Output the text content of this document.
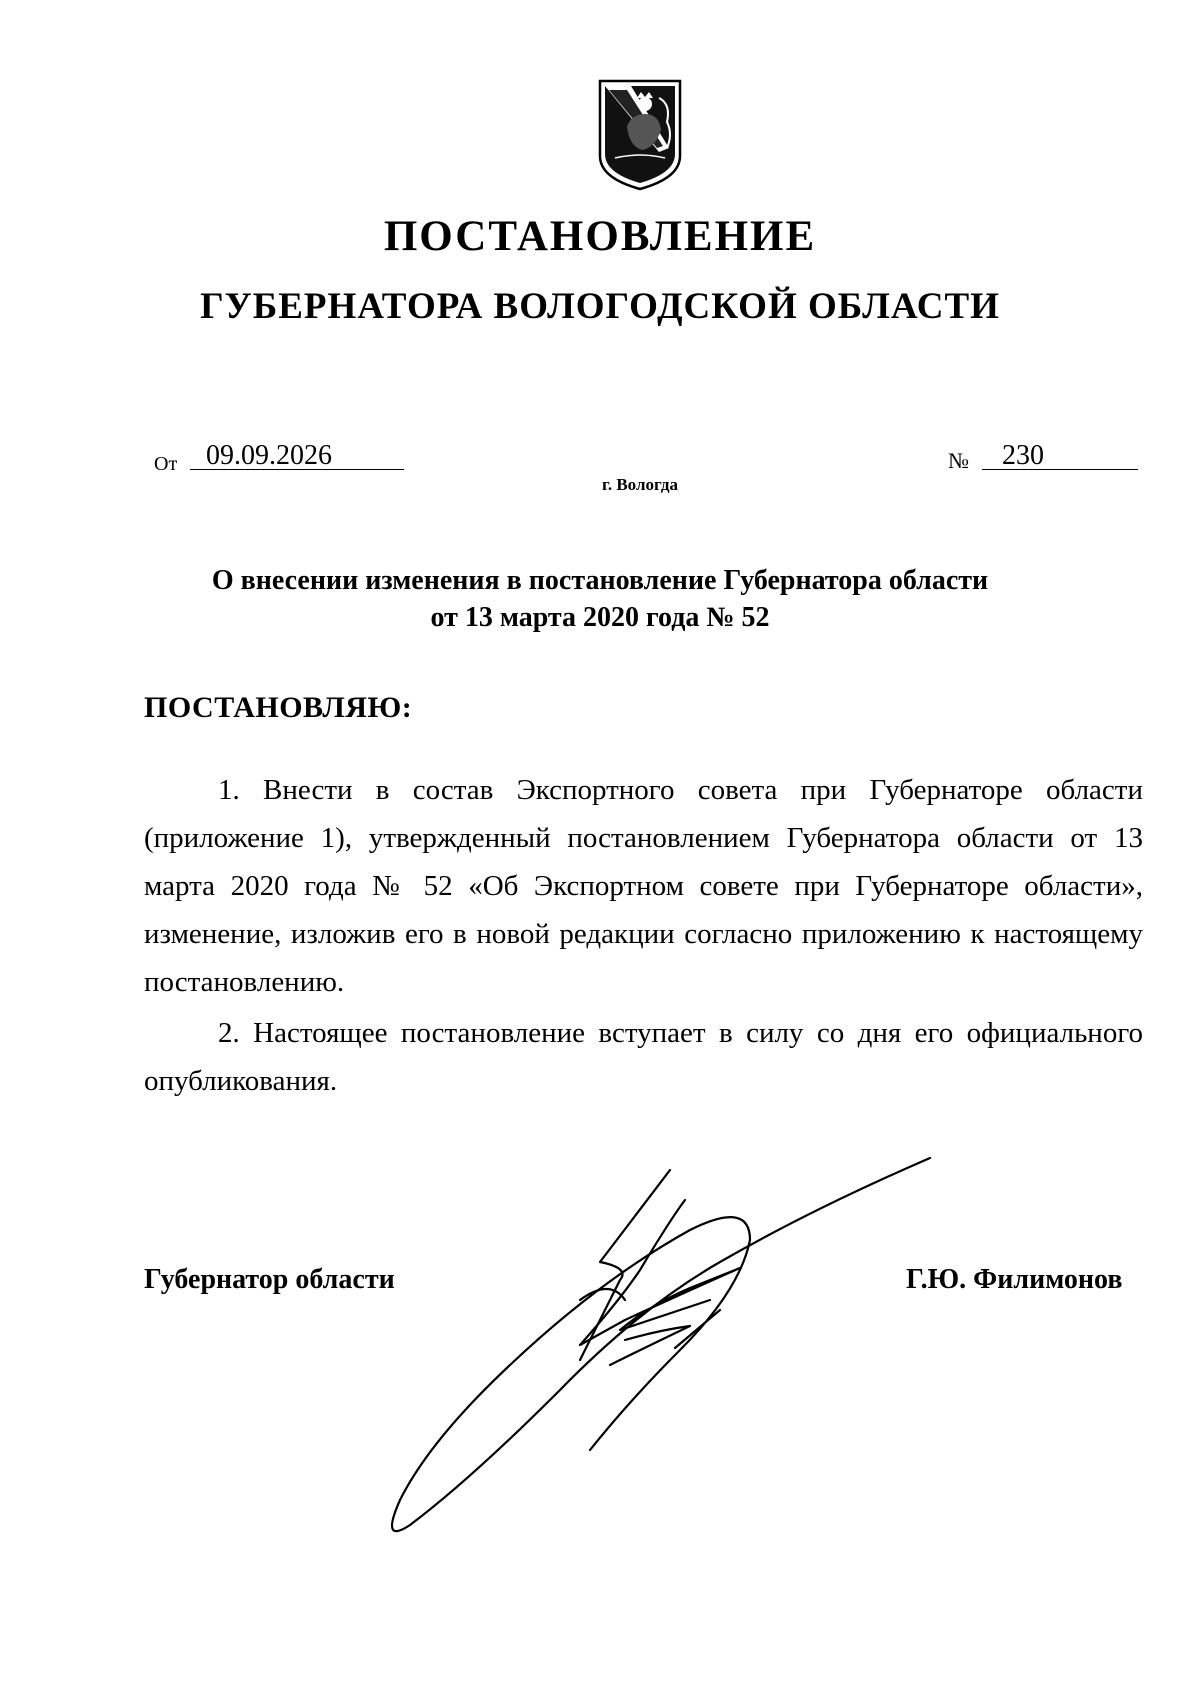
ПОСТАНОВЛЕНИЕ
ГУБЕРНАТОРА ВОЛОГОДСКОЙ ОБЛАСТИ
От	09.09.2026
г. Вологда
№	230
О внесении изменения в постановление Губернатора области
от 13 марта 2020 года № 52
ПОСТАНОВЛЯЮ:

1. Внести в состав Экспортного совета при Губернаторе области (приложение 1), утвержденный постановлением Губернатора области от 13 марта 2020 года № 52 «Об Экспортном совете при Губернаторе области», изменение, изложив его в новой редакции согласно приложению к настоящему постановлению.

2. Настоящее постановление вступает в силу со дня его официального опубликования.

Губернатор области	Г.Ю. Филимонов
